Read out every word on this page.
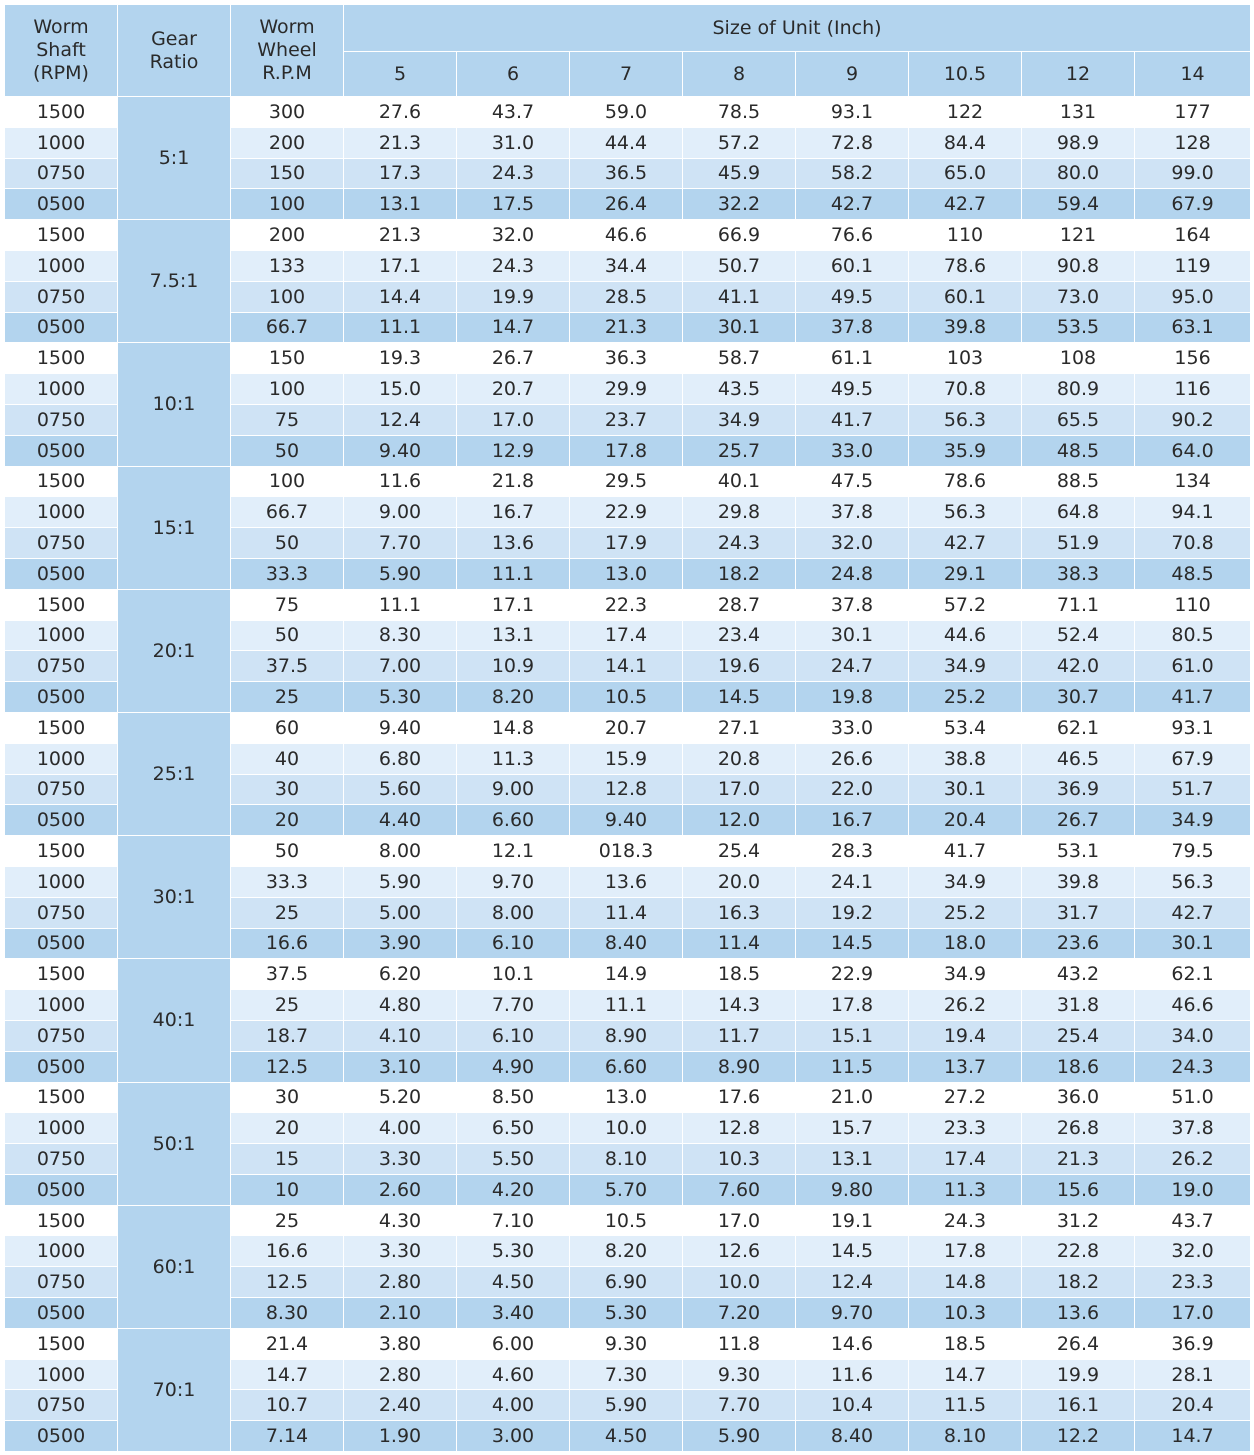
Worm Shaft (RPM)	Gear Ratio	Worm Wheel R.P.M	Size of Unit (Inch)							
			5	6	7	8	9	10.5	12	14
1500	5:1	300	27.6	43.7	59.0	78.5	93.1	122	131	177
1000		200	21.3	31.0	44.4	57.2	72.8	84.4	98.9	128
0750		150	17.3	24.3	36.5	45.9	58.2	65.0	80.0	99.0
0500		100	13.1	17.5	26.4	32.2	42.7	42.7	59.4	67.9
1500	7.5:1	200	21.3	32.0	46.6	66.9	76.6	110	121	164
1000		133	17.1	24.3	34.4	50.7	60.1	78.6	90.8	119
0750		100	14.4	19.9	28.5	41.1	49.5	60.1	73.0	95.0
0500		66.7	11.1	14.7	21.3	30.1	37.8	39.8	53.5	63.1
1500	10:1	150	19.3	26.7	36.3	58.7	61.1	103	108	156
1000		100	15.0	20.7	29.9	43.5	49.5	70.8	80.9	116
0750		75	12.4	17.0	23.7	34.9	41.7	56.3	65.5	90.2
0500		50	9.40	12.9	17.8	25.7	33.0	35.9	48.5	64.0
1500	15:1	100	11.6	21.8	29.5	40.1	47.5	78.6	88.5	134
1000		66.7	9.00	16.7	22.9	29.8	37.8	56.3	64.8	94.1
0750		50	7.70	13.6	17.9	24.3	32.0	42.7	51.9	70.8
0500		33.3	5.90	11.1	13.0	18.2	24.8	29.1	38.3	48.5
1500	20:1	75	11.1	17.1	22.3	28.7	37.8	57.2	71.1	110
1000		50	8.30	13.1	17.4	23.4	30.1	44.6	52.4	80.5
0750		37.5	7.00	10.9	14.1	19.6	24.7	34.9	42.0	61.0
0500		25	5.30	8.20	10.5	14.5	19.8	25.2	30.7	41.7
1500	25:1	60	9.40	14.8	20.7	27.1	33.0	53.4	62.1	93.1
1000		40	6.80	11.3	15.9	20.8	26.6	38.8	46.5	67.9
0750		30	5.60	9.00	12.8	17.0	22.0	30.1	36.9	51.7
0500		20	4.40	6.60	9.40	12.0	16.7	20.4	26.7	34.9
1500	30:1	50	8.00	12.1	018.3	25.4	28.3	41.7	53.1	79.5
1000		33.3	5.90	9.70	13.6	20.0	24.1	34.9	39.8	56.3
0750		25	5.00	8.00	11.4	16.3	19.2	25.2	31.7	42.7
0500		16.6	3.90	6.10	8.40	11.4	14.5	18.0	23.6	30.1
1500	40:1	37.5	6.20	10.1	14.9	18.5	22.9	34.9	43.2	62.1
1000		25	4.80	7.70	11.1	14.3	17.8	26.2	31.8	46.6
0750		18.7	4.10	6.10	8.90	11.7	15.1	19.4	25.4	34.0
0500		12.5	3.10	4.90	6.60	8.90	11.5	13.7	18.6	24.3
1500	50:1	30	5.20	8.50	13.0	17.6	21.0	27.2	36.0	51.0
1000		20	4.00	6.50	10.0	12.8	15.7	23.3	26.8	37.8
0750		15	3.30	5.50	8.10	10.3	13.1	17.4	21.3	26.2
0500		10	2.60	4.20	5.70	7.60	9.80	11.3	15.6	19.0
1500	60:1	25	4.30	7.10	10.5	17.0	19.1	24.3	31.2	43.7
1000		16.6	3.30	5.30	8.20	12.6	14.5	17.8	22.8	32.0
0750		12.5	2.80	4.50	6.90	10.0	12.4	14.8	18.2	23.3
0500		8.30	2.10	3.40	5.30	7.20	9.70	10.3	13.6	17.0
1500	70:1	21.4	3.80	6.00	9.30	11.8	14.6	18.5	26.4	36.9
1000		14.7	2.80	4.60	7.30	9.30	11.6	14.7	19.9	28.1
0750		10.7	2.40	4.00	5.90	7.70	10.4	11.5	16.1	20.4
0500		7.14	1.90	3.00	4.50	5.90	8.40	8.10	12.2	14.7
